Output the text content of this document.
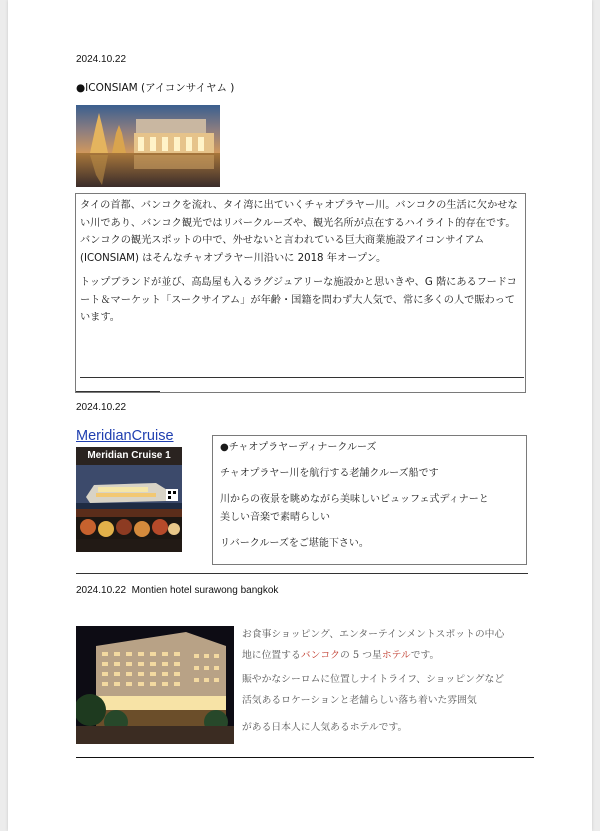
2024.10.22
●ICONSIAM (アイコンサイヤム )

タイの首都、バンコクを流れ、タイ湾に出ていくチャオプラヤー川。バンコクの生活に欠かせない川であり、バンコク観光ではリバークルーズや、観光名所が点在するハイライト的存在です。

バンコクの観光スポットの中で、外せないと言われている巨大商業施設アイコンサイアム(ICONSIAM) はそんなチャオプラヤー川沿いに 2018 年オープン。

トップブランドが並び、高島屋も入るラグジュアリーな施設かと思いきや、G 階にあるフードコート＆マーケット「スークサイアム」が年齢・国籍を問わず大人気で、常に多くの人で賑わっています。

2024.10.22
MeridianCruise
Meridian Cruise 1

●チャオプラヤーディナークルーズ

チャオプラヤー川を航行する老舗クルーズ船です

川からの夜景を眺めながら美味しいビュッフェ式ディナーと

美しい音楽で素晴らしい

リバークルーズをご堪能下さい。

2024.10.22 Montien hotel surawong bangkok

お食事ショッピング、エンターテインメントスポットの中心

地に位置するバンコクの 5 つ星ホテルです。

賑やかなシーロムに位置しナイトライフ、ショッピングなど

活気あるロケーションと老舗らしい落ち着いた雰囲気

がある日本人に人気あるホテルです。
